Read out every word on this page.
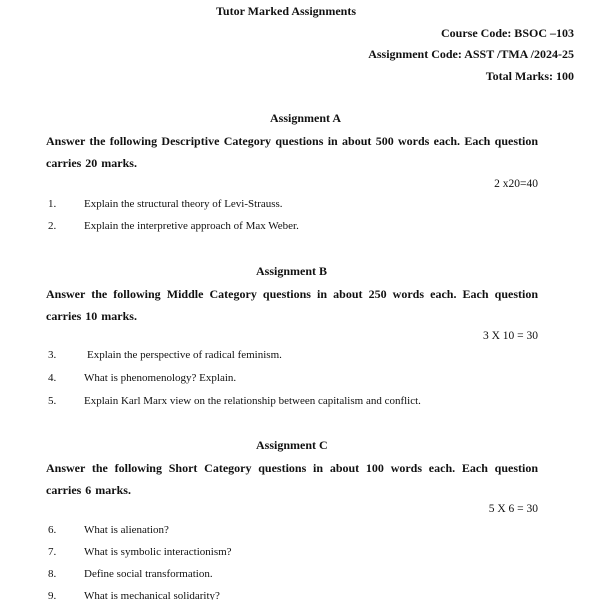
Tutor Marked Assignments
Course Code: BSOC –103
Assignment Code: ASST /TMA /2024-25
Total Marks: 100
Assignment A
Answer the following Descriptive Category questions in about 500 words each. Each question carries 20 marks.
2 x20=40
1.	Explain the structural theory of Levi-Strauss.
2.	Explain the interpretive approach of Max Weber.
Assignment B
Answer the following Middle Category questions in about 250 words each. Each question carries 10 marks.
3 X 10 = 30
3.	Explain the perspective of radical feminism.
4.	What is phenomenology? Explain.
5.	Explain Karl Marx view on the relationship between capitalism and conflict.
Assignment C
Answer the following Short Category questions in about 100 words each. Each question carries 6 marks.
5 X 6 = 30
6.	What is alienation?
7.	What is symbolic interactionism?
8.	Define social transformation.
9.	What is mechanical solidarity?
